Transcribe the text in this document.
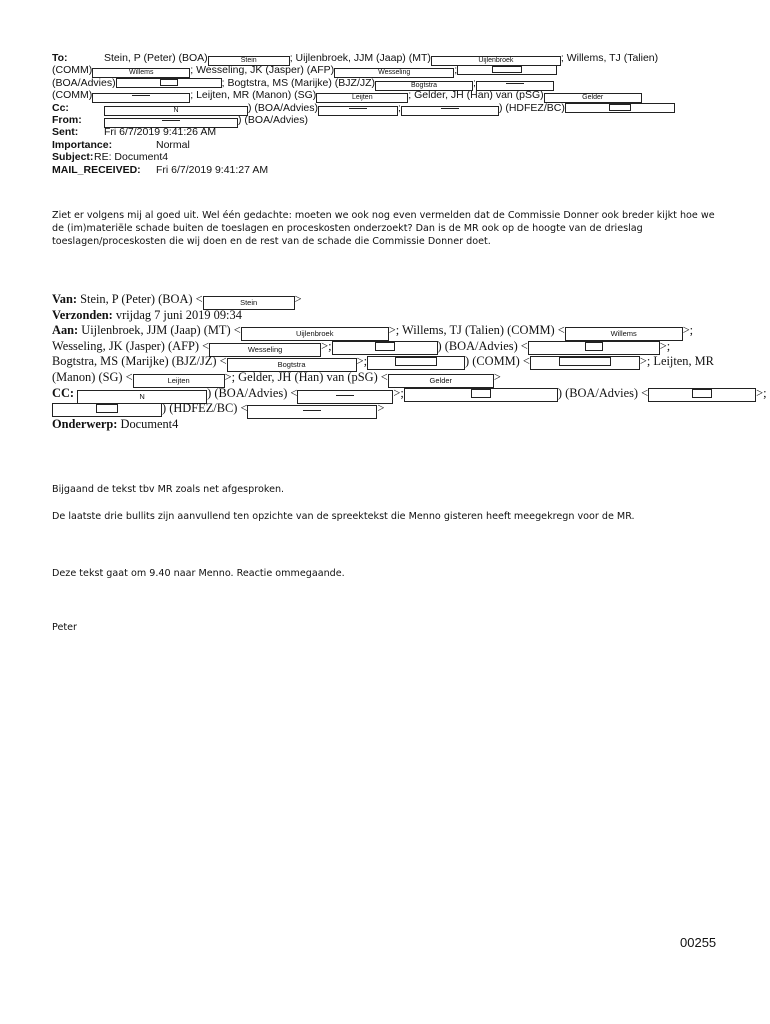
To:	Stein, P (Peter) (BOA)	Stein	; Uijlenbroek, JJM (Jaap) (MT)	Uijlenbroek	; Willems, TJ (Talien)
(COMM)	Willems	; Wesseling, JK (Jasper) (AFP)	Wesseling	;
(BOA/Advies)	; Bogtstra, MS (Marijke) (BJZ/JZ)	Bogtstra	;
(COMM)	; Leijten, MR (Manon) (SG)	Leijten	; Gelder, JH (Han) van (pSG)	Gelder
Cc:	N	) (BOA/Advies)	;	) (HDFEZ/BC)
From:	) (BOA/Advies)
Sent: Fri 6/7/2019 9:41:26 AM
Importance:	Normal
Subject:RE: Document4
MAIL_RECEIVED: Fri 6/7/2019 9:41:27 AM
Ziet er volgens mij al goed uit. Wel één gedachte: moeten we ook nog even vermelden dat de Commissie Donner ook breder kijkt hoe we de (im)materiële schade buiten de toeslagen en proceskosten onderzoekt? Dan is de MR ook op de hoogte van de drieslag toeslagen/proceskosten die wij doen en de rest van de schade die Commissie Donner doet.
Van: Stein, P (Peter) (BOA) <	Stein	>
Verzonden: vrijdag 7 juni 2019 09:34
Aan: Uijlenbroek, JJM (Jaap) (MT) <	Uijlenbroek	>; Willems, TJ (Talien) (COMM) <	Willems	>;
Wesseling, JK (Jasper) (AFP) <	Wesseling	>;	) (BOA/Advies) <	>;
Bogtstra, MS (Marijke) (BJZ/JZ) <	Bogtstra	>;	) (COMM) <	>; Leijten, MR
(Manon) (SG) <	Leijten	>; Gelder, JH (Han) van (pSG) <	Gelder	>
CC:	N	) (BOA/Advies) <	>;	) (BOA/Advies) <	>;
) (HDFEZ/BC) <	>
Onderwerp: Document4
Bijgaand de tekst tbv MR zoals net afgesproken.
De laatste drie bullits zijn aanvullend ten opzichte van de spreektekst die Menno gisteren heeft meegekregn voor de MR.
Deze tekst gaat om 9.40 naar Menno. Reactie ommegaande.
Peter
00255
